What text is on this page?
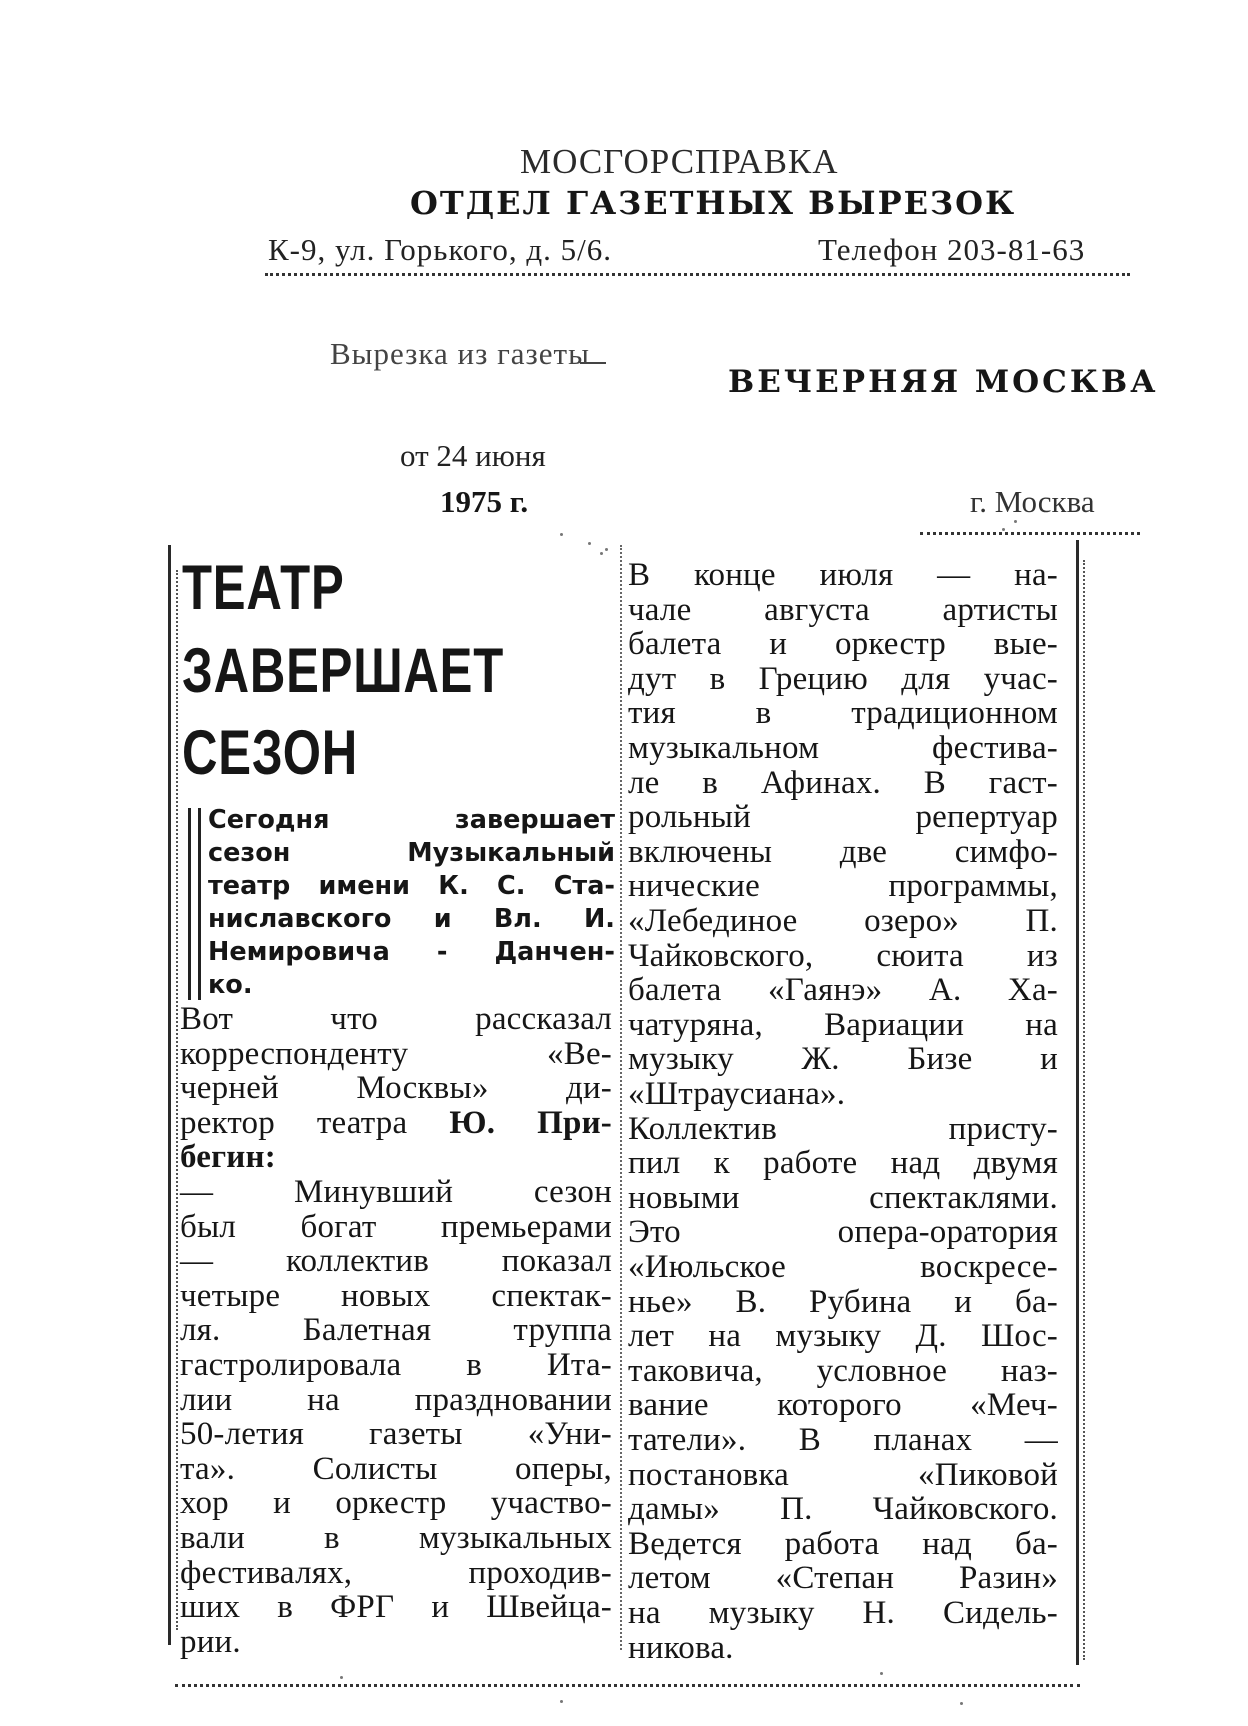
МОСГОРСПРАВКА
ОТДЕЛ ГАЗЕТНЫХ ВЫРЕЗОК
К-9, ул. Горького, д. 5/6.	Телефон 203-81-63
Вырезка из газеты
ВЕЧЕРНЯЯ МОСКВА
от 24 июня
1975 г.	г. Москва
ТЕАТР
ЗАВЕРШАЕТ
СЕЗОН
Сегодня завершает
сезон Музыкальный
театр имени К. С. Ста-
ниславского и Вл. И.
Немировича - Данчен-
ко.
Вот что рассказал
корреспонденту «Ве-
черней Москвы» ди-
ректор театра Ю. При-
бегин:
— Минувший сезон
был богат премьерами
— коллектив показал
четыре новых спектак-
ля. Балетная труппа
гастролировала в Ита-
лии на праздновании
50-летия газеты «Уни-
та». Солисты оперы,
хор и оркестр участво-
вали в музыкальных
фестивалях, проходив-
ших в ФРГ и Швейца-
рии.
В конце июля — на-
чале августа артисты
балета и оркестр вые-
дут в Грецию для учас-
тия в традиционном
музыкальном фестива-
ле в Афинах. В гаст-
рольный репертуар
включены две симфо-
нические программы,
«Лебединое озеро» П.
Чайковского, сюита из
балета «Гаянэ» А. Ха-
чатуряна, Вариации на
музыку Ж. Бизе и
«Штраусиана».
Коллектив присту-
пил к работе над двумя
новыми спектаклями.
Это опера-оратория
«Июльское воскресе-
нье» В. Рубина и ба-
лет на музыку Д. Шос-
таковича, условное наз-
вание которого «Меч-
татели». В планах —
постановка «Пиковой
дамы» П. Чайковского.
Ведется работа над ба-
летом «Степан Разин»
на музыку Н. Сидель-
никова.
